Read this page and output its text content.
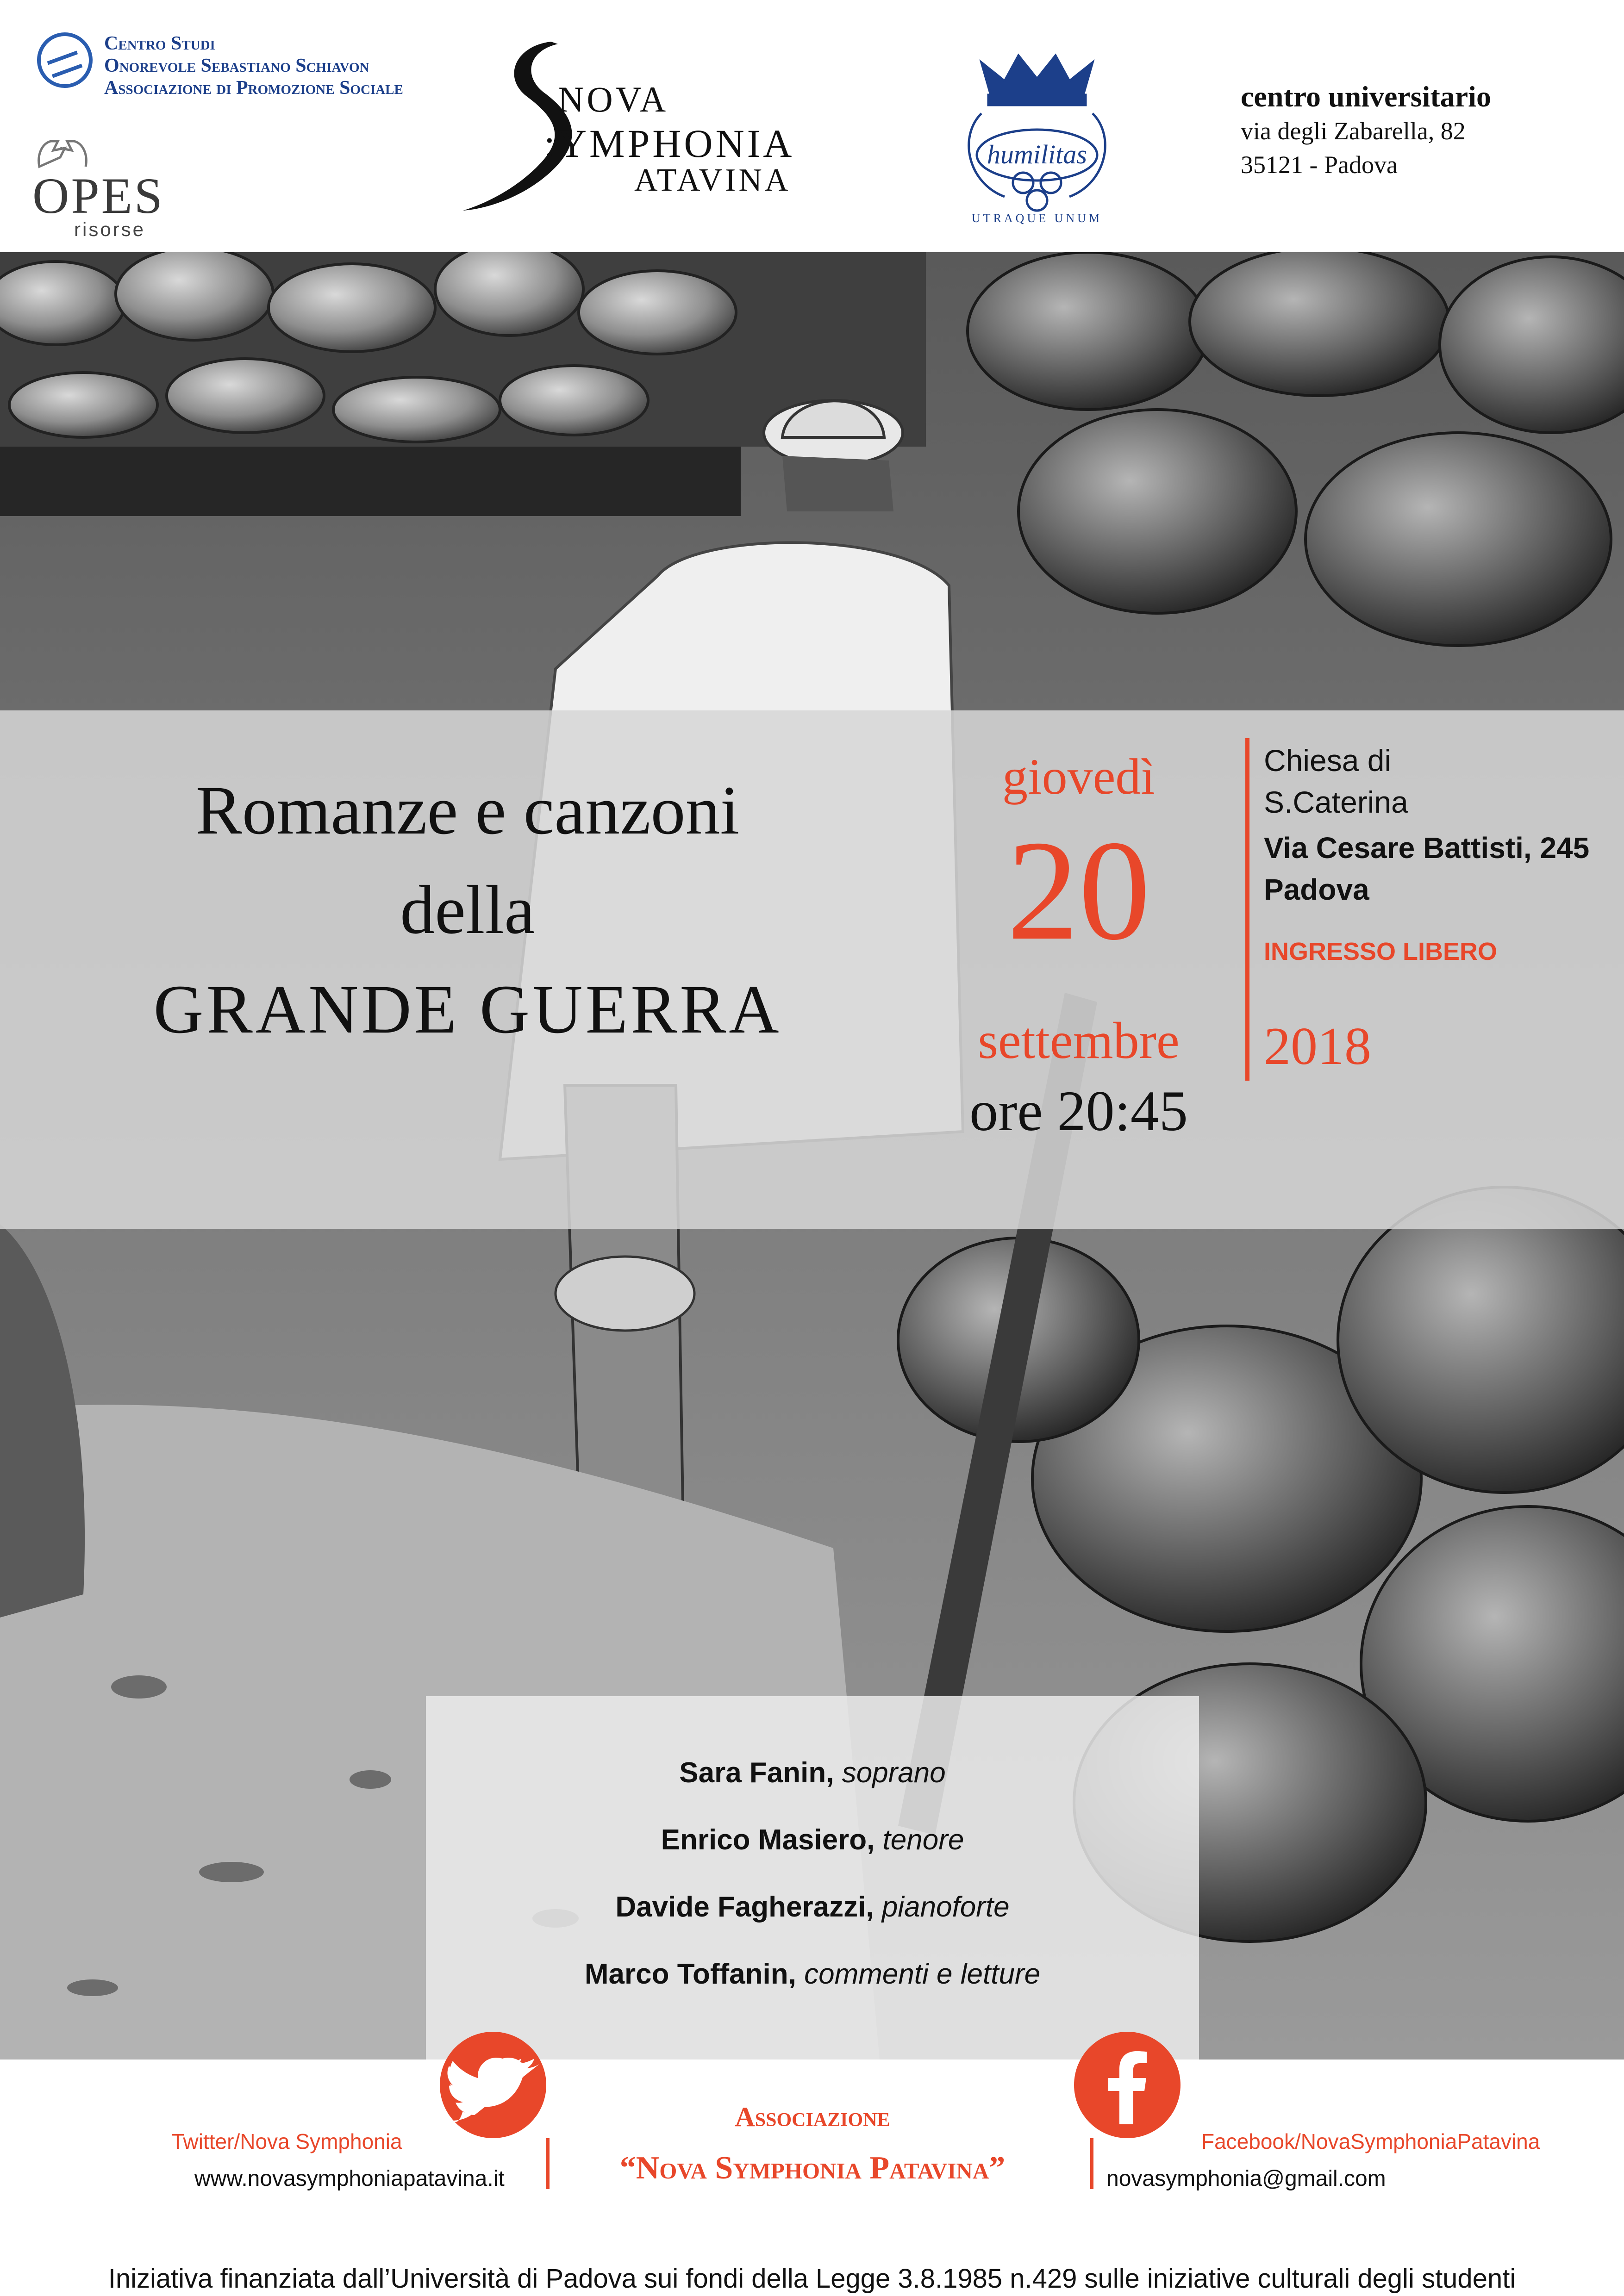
Centro Studi
Onorevole Sebastiano Schiavon
Associazione di Promozione Sociale
OPES
risorse
NOVA
:YMPHONIA
ATAVINA
humilitas
UTRAQUE UNUM
centro universitario
via degli Zabarella, 82
35121 - Padova
Romanze e canzoni
della
GRANDE GUERRA
giovedì
20
settembre
ore 20:45
Chiesa di
S.Caterina
Via Cesare Battisti, 245
Padova
INGRESSO LIBERO
2018
Sara Fanin, soprano
Enrico Masiero, tenore
Davide Fagherazzi, pianoforte
Marco Toffanin, commenti e letture
Twitter/Nova Symphonia
www.novasymphoniapatavina.it
Associazione
“Nova Symphonia Patavina”
Facebook/NovaSymphoniaPatavina
novasymphonia@gmail.com
Iniziativa finanziata dall’Università di Padova sui fondi della Legge 3.8.1985 n.429 sulle iniziative culturali degli studenti
